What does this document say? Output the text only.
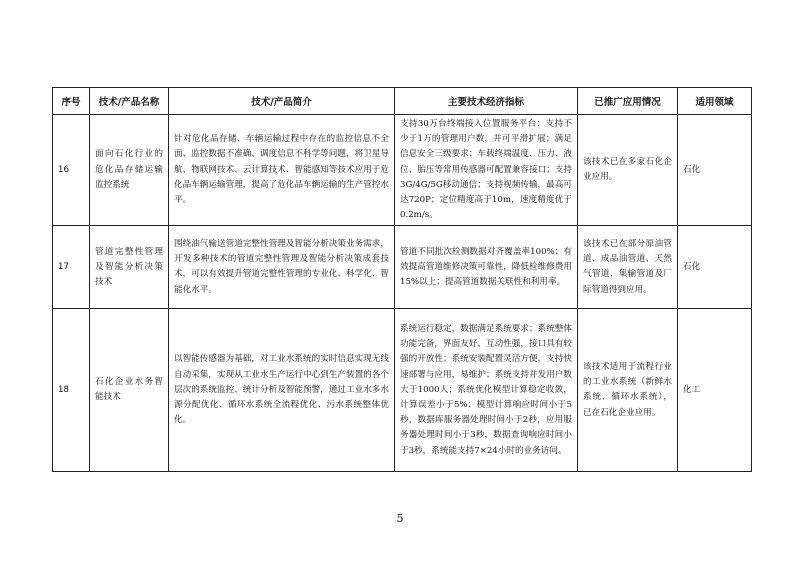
序号	技术/产品名称	技术/产品简介	主要技术经济指标	已推广应用情况	适用领域
16	面向石化行业的危化品存储运输监控系统	针对危化品存储、车辆运输过程中存在的监控信息不全面、监控数据不准确、调度信息不科学等问题，将卫星导航、物联网技术、云计算技术、智能感知等技术应用于危化品车辆运输管理，提高了危化品车辆运输的生产管控水平。	支持30万台终端接入位置服务平台；支持不少于1万的管理用户数，并可平滑扩展；满足信息安全三级要求；车载终端温度、压力、液位、胎压等常用传感器可配置兼容接口；支持3G/4G/5G移动通信；支持视频传输，最高可达720P；定位精度高于10m，速度精度优于0.2m/s。	该技术已在多家石化企业应用。	石化
17	管道完整性管理及智能分析决策技术	围绕油气输送管道完整性管理及智能分析决策业务需求，开发多种技术的管道完整性管理及智能分析决策成套技术，可以有效提升管道完整性管理的专业化、科学化、智能化水平。	管道不同批次检测数据对齐覆盖率100%；有效提高管道维修决策可靠性，降低检维修费用15%以上；提高管道数据关联性和利用率。	该技术已在部分原油管道、成品油管道、天然气管道、集输管道及厂际管道得到应用。	石化
18	石化企业水务智能技术	以智能传感器为基础，对工业水系统的实时信息实现无线自动采集，实现从工业水生产运行中心到生产装置的各个层次的系统监控、统计分析及智能预警，通过工业水多水源分配优化、循环水系统全流程优化、污水系统整体优化。	系统运行稳定，数据满足系统要求；系统整体功能完备，界面友好、互动性强，接口具有较强的开放性；系统安装配置灵活方便，支持快速部署与应用，易维护；系统支持并发用户数大于1000人；系统优化模型计算稳定收敛，计算误差小于5%；模型计算响应时间小于5秒，数据库服务器处理时间小于2秒，应用服务器处理时间小于3秒，数据查询响应时间小于3秒，系统能支持7×24小时的业务访问。	该技术适用于流程行业的工业水系统（新鲜水系统、循环水系统），已在石化企业应用。	化工
5
